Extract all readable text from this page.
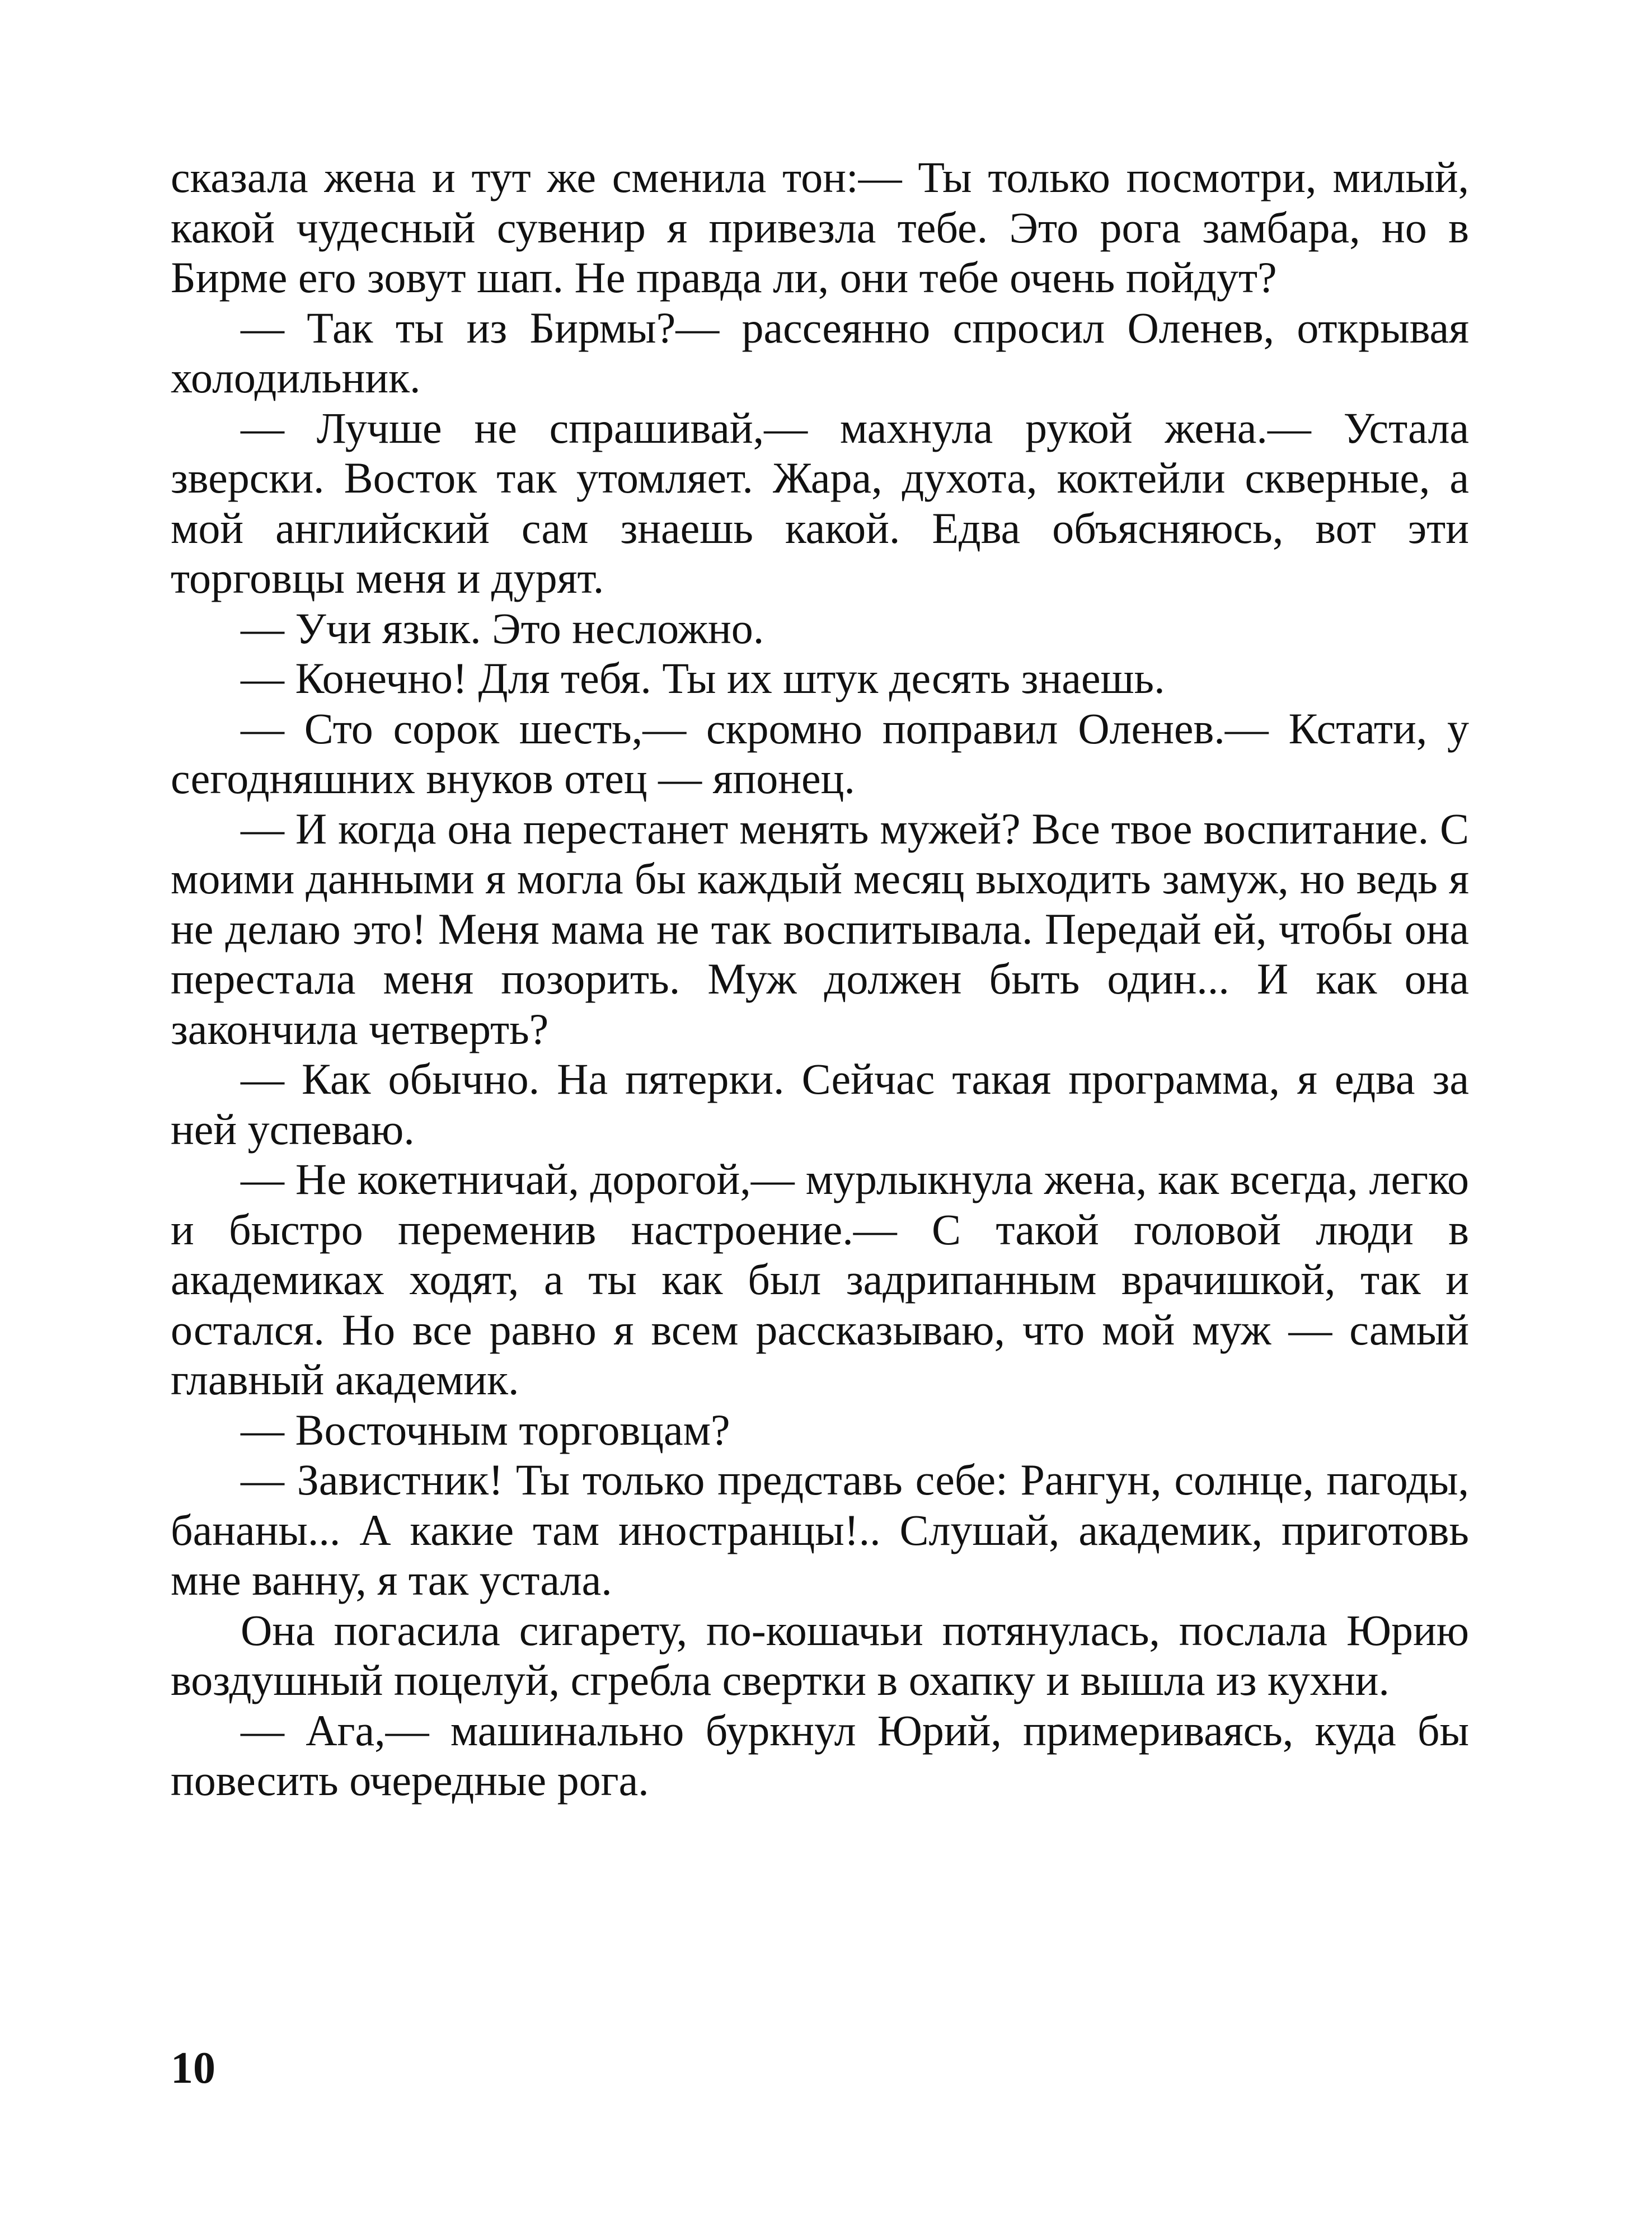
сказала жена и тут же сменила тон:— Ты только посмотри, милый, какой чудесный сувенир я привезла тебе. Это рога замбара, но в Бирме его зовут шап. Не правда ли, они тебе очень пойдут?

— Так ты из Бирмы?— рассеянно спросил Оленев, открывая холодильник.

— Лучше не спрашивай,— махнула рукой жена.— Устала зверски. Восток так утомляет. Жара, духота, коктейли скверные, а мой английский сам знаешь какой. Едва объясняюсь, вот эти торговцы меня и дурят.

— Учи язык. Это несложно.

— Конечно! Для тебя. Ты их штук десять знаешь.

— Сто сорок шесть,— скромно поправил Оленев.— Кстати, у сегодняшних внуков отец — японец.

— И когда она перестанет менять мужей? Все твое воспитание. С моими данными я могла бы каждый месяц выходить замуж, но ведь я не делаю это! Меня мама не так воспитывала. Передай ей, чтобы она перестала меня позорить. Муж должен быть один... И как она закончила четверть?

— Как обычно. На пятерки. Сейчас такая программа, я едва за ней успеваю.

— Не кокетничай, дорогой,— мурлыкнула жена, как всегда, легко и быстро переменив настроение.— С такой головой люди в академиках ходят, а ты как был задрипанным врачишкой, так и остался. Но все равно я всем рассказываю, что мой муж — самый главный академик.

— Восточным торговцам?

— Завистник! Ты только представь себе: Рангун, солнце, пагоды, бананы... А какие там иностранцы!.. Слушай, академик, приготовь мне ванну, я так устала.

Она погасила сигарету, по-кошачьи потянулась, послала Юрию воздушный поцелуй, сгребла свертки в охапку и вышла из кухни.

— Ага,— машинально буркнул Юрий, примериваясь, куда бы повесить очередные рога.

10
